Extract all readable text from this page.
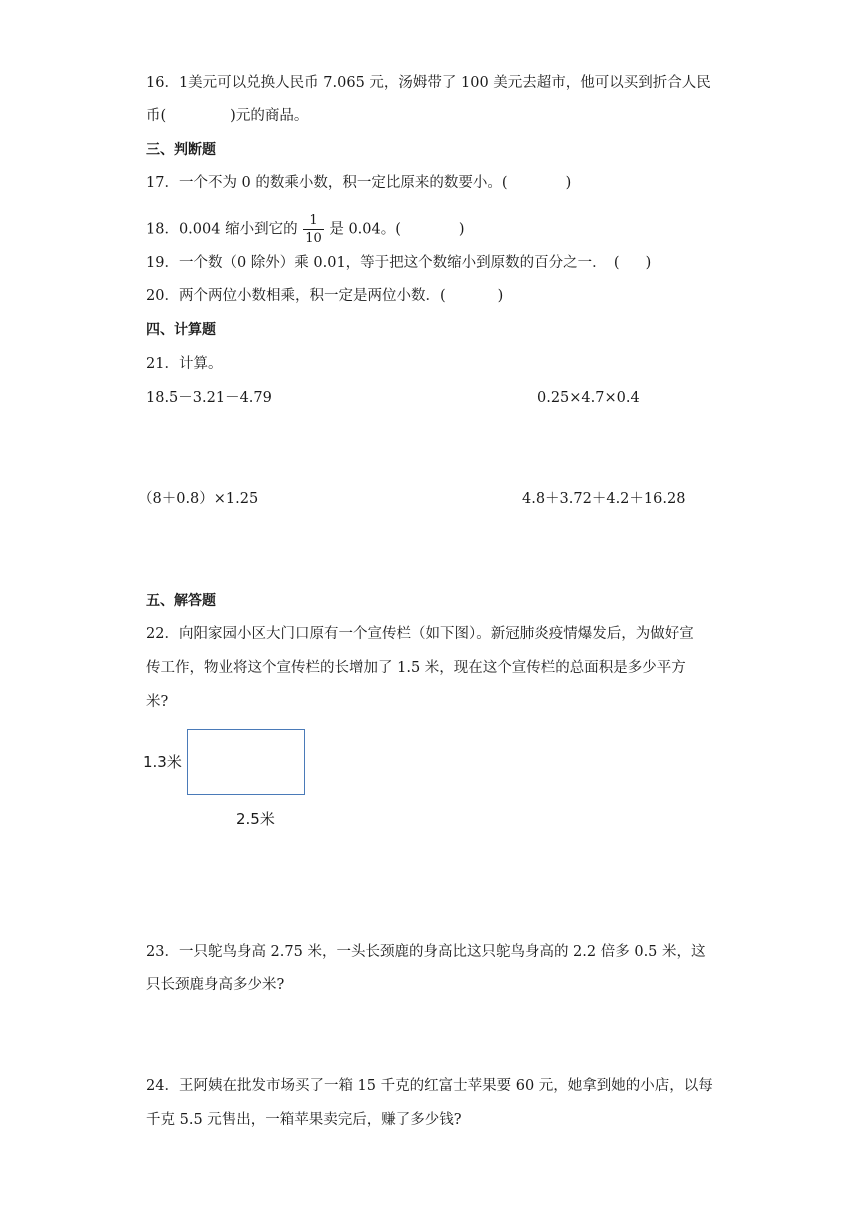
16．1美元可以兑换人民币 7.065 元，汤姆带了 100 美元去超市，他可以买到折合人民
币(	)元的商品。
三、判断题
17．一个不为 0 的数乘小数，积一定比原来的数要小。(	)
18．0.004 缩小到它的 $\frac{1}{10}$ 是 0.04。(	)
19．一个数（0 除外）乘 0.01，等于把这个数缩小到原数的百分之一．　( )
20．两个两位小数相乘，积一定是两位小数．(	)
四、计算题
21．计算。
18.5－3.21－4.79	0.25×4.7×0.4
（8＋0.8）×1.25	4.8＋3.72＋4.2＋16.28
五、解答题
22．向阳家园小区大门口原有一个宣传栏（如下图）。新冠肺炎疫情爆发后，为做好宣
传工作，物业将这个宣传栏的长增加了 1.5 米，现在这个宣传栏的总面积是多少平方
米?
1.3米
2.5米
23．一只鸵鸟身高 2.75 米，一头长颈鹿的身高比这只鸵鸟身高的 2.2 倍多 0.5 米，这
只长颈鹿身高多少米?
24．王阿姨在批发市场买了一箱 15 千克的红富士苹果要 60 元，她拿到她的小店，以每
千克 5.5 元售出，一箱苹果卖完后，赚了多少钱?
